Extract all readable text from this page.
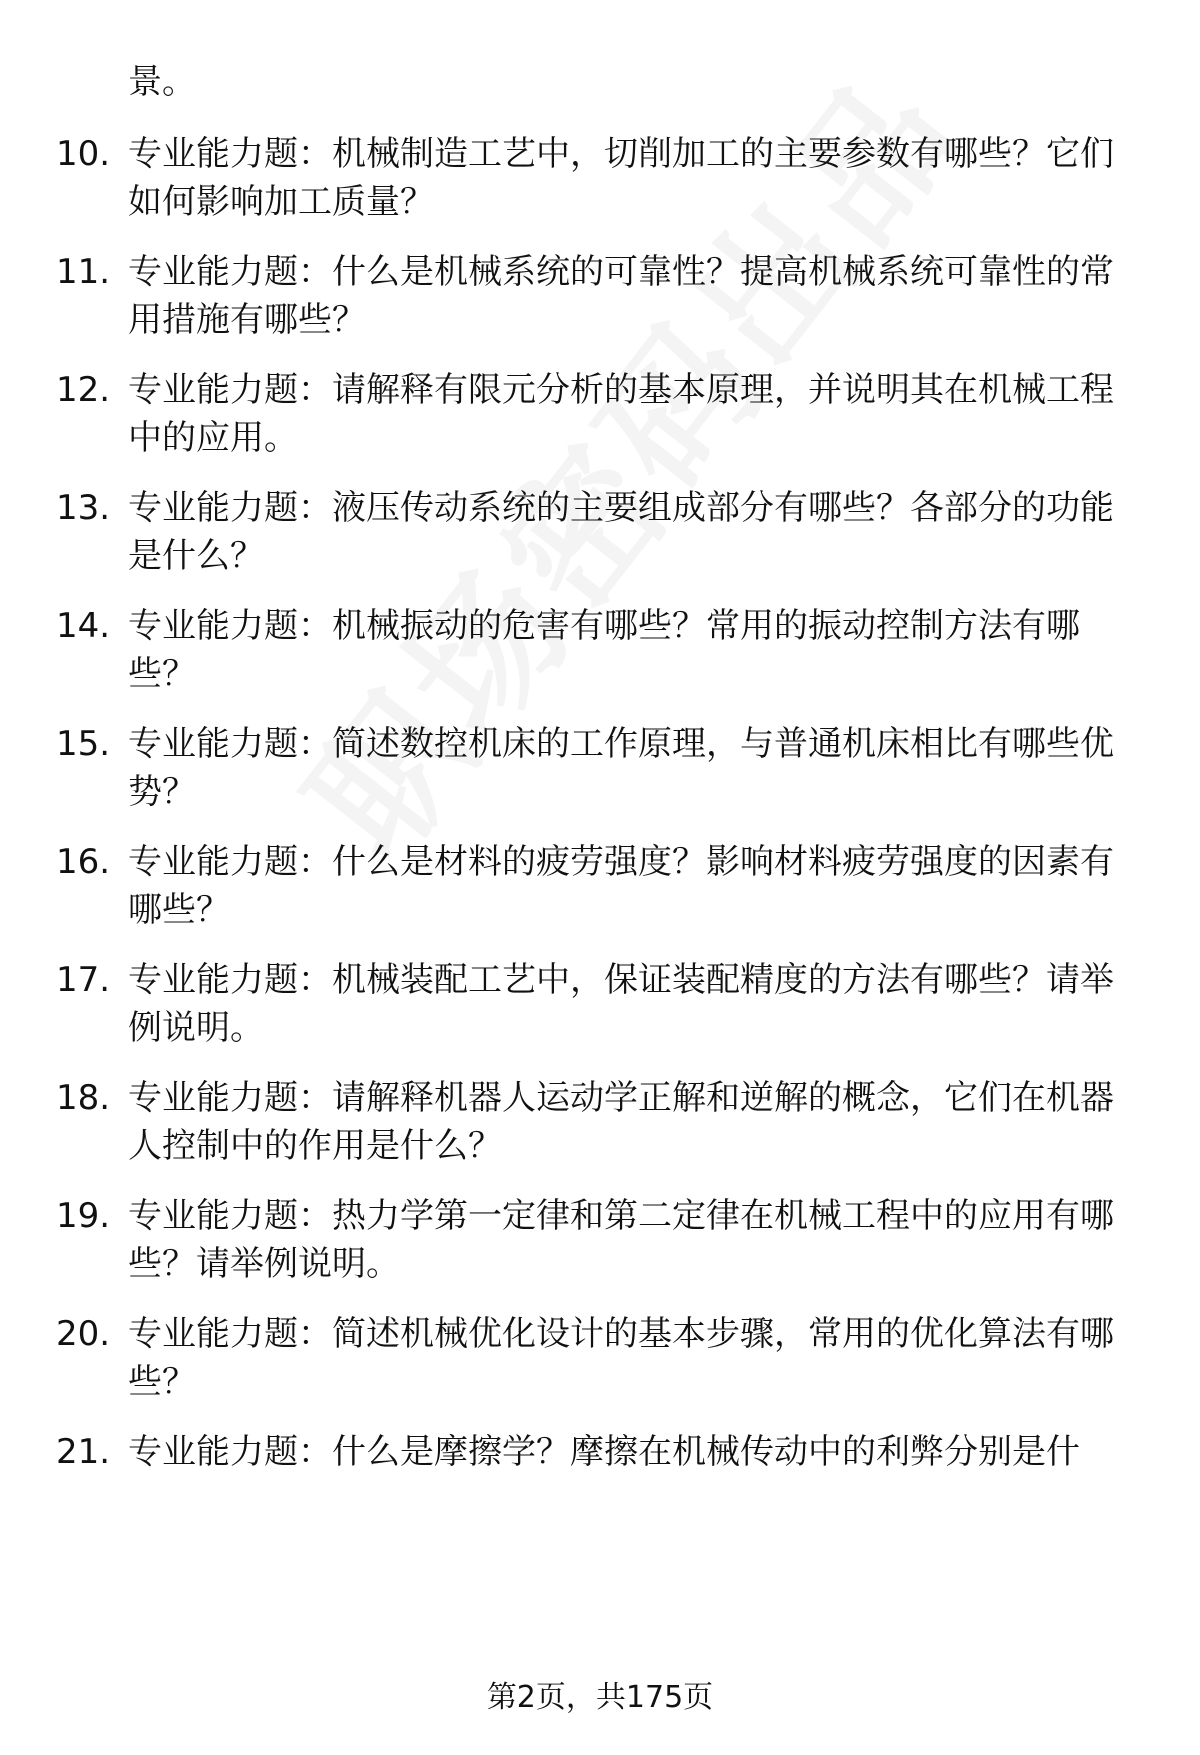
景。
10. 专业能力题：机械制造工艺中，切削加工的主要参数有哪些？它们如何影响加工质量？
11. 专业能力题：什么是机械系统的可靠性？提高机械系统可靠性的常用措施有哪些？
12. 专业能力题：请解释有限元分析的基本原理，并说明其在机械工程中的应用。
13. 专业能力题：液压传动系统的主要组成部分有哪些？各部分的功能是什么？
14. 专业能力题：机械振动的危害有哪些？常用的振动控制方法有哪些？
15. 专业能力题：简述数控机床的工作原理，与普通机床相比有哪些优势？
16. 专业能力题：什么是材料的疲劳强度？影响材料疲劳强度的因素有哪些？
17. 专业能力题：机械装配工艺中，保证装配精度的方法有哪些？请举例说明。
18. 专业能力题：请解释机器人运动学正解和逆解的概念，它们在机器人控制中的作用是什么？
19. 专业能力题：热力学第一定律和第二定律在机械工程中的应用有哪些？请举例说明。
20. 专业能力题：简述机械优化设计的基本步骤，常用的优化算法有哪些？
21. 专业能力题：什么是摩擦学？摩擦在机械传动中的利弊分别是什
第2页，共175页
